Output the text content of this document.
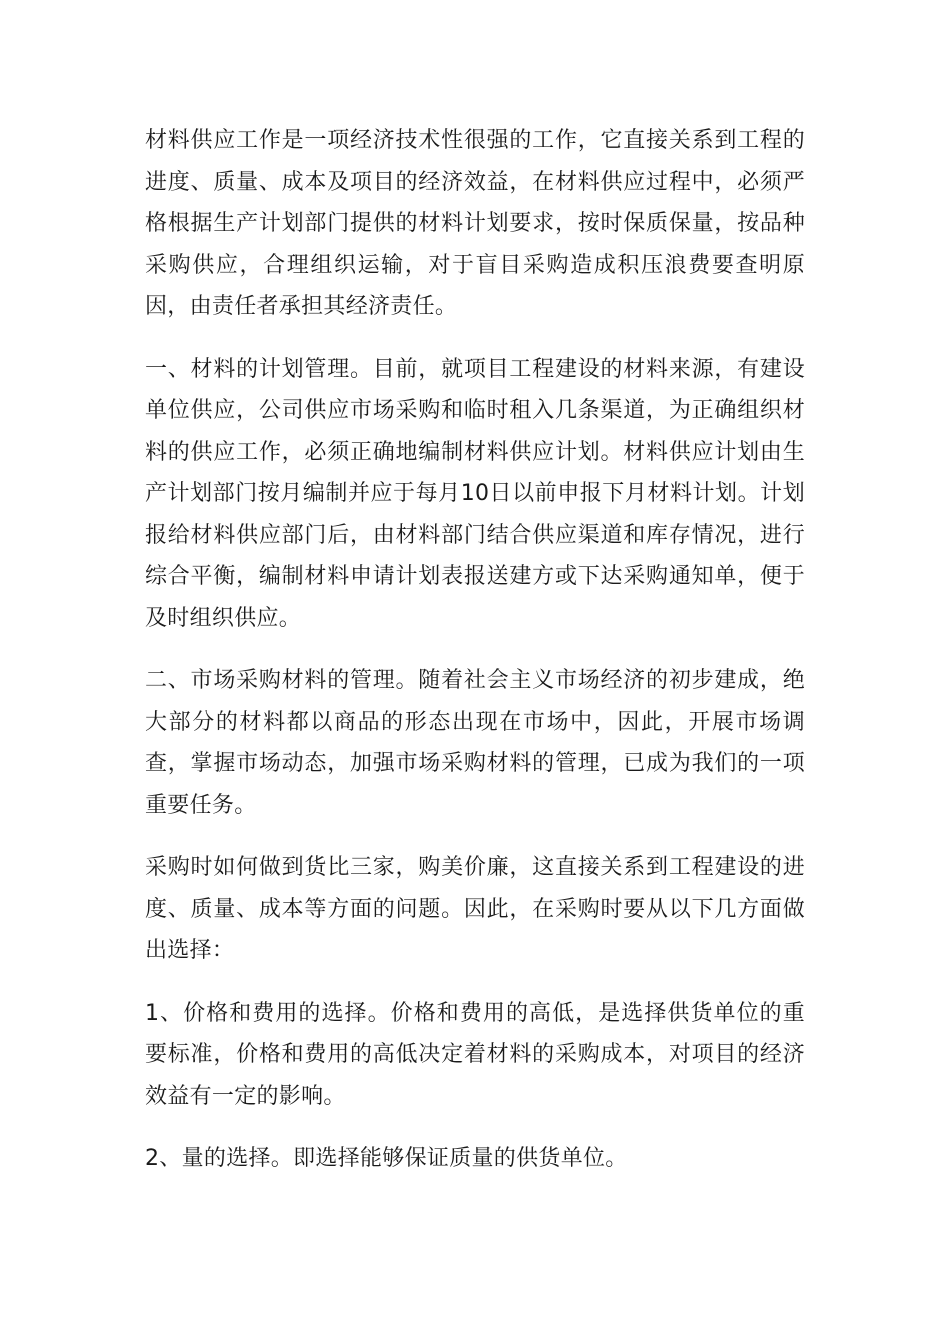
材料供应工作是一项经济技术性很强的工作，它直接关系到工程的进度、质量、成本及项目的经济效益，在材料供应过程中，必须严格根据生产计划部门提供的材料计划要求，按时保质保量，按品种采购供应，合理组织运输，对于盲目采购造成积压浪费要查明原因，由责任者承担其经济责任。

一、材料的计划管理。目前，就项目工程建设的材料来源，有建设单位供应，公司供应市场采购和临时租入几条渠道，为正确组织材料的供应工作，必须正确地编制材料供应计划。材料供应计划由生产计划部门按月编制并应于每月10日以前申报下月材料计划。计划报给材料供应部门后，由材料部门结合供应渠道和库存情况，进行综合平衡，编制材料申请计划表报送建方或下达采购通知单，便于及时组织供应。

二、市场采购材料的管理。随着社会主义市场经济的初步建成，绝大部分的材料都以商品的形态出现在市场中，因此，开展市场调查，掌握市场动态，加强市场采购材料的管理，已成为我们的一项重要任务。

采购时如何做到货比三家，购美价廉，这直接关系到工程建设的进度、质量、成本等方面的问题。因此，在采购时要从以下几方面做出选择：

1、价格和费用的选择。价格和费用的高低，是选择供货单位的重要标准，价格和费用的高低决定着材料的采购成本，对项目的经济效益有一定的影响。

2、量的选择。即选择能够保证质量的供货单位。
